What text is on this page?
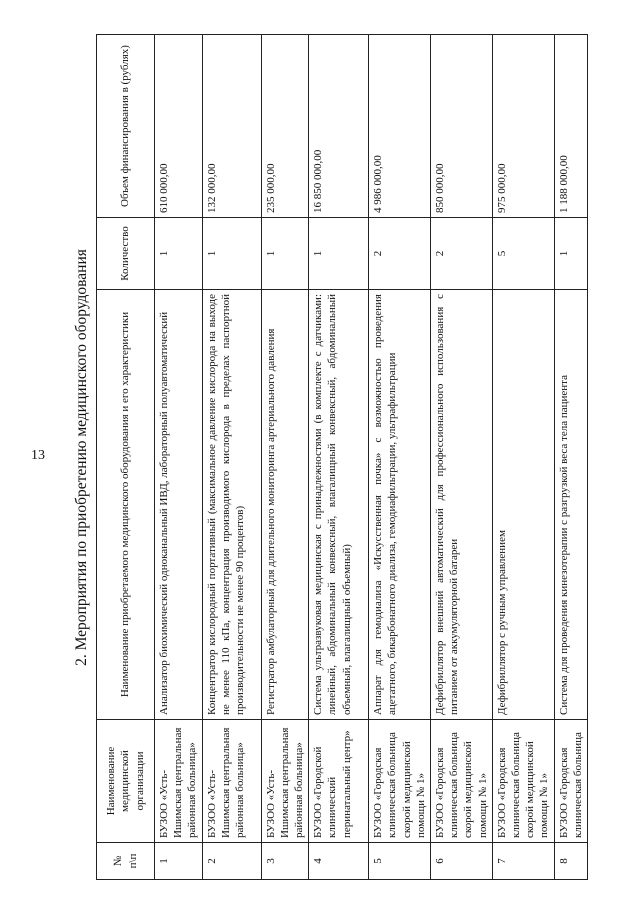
13 2. Мероприятия по приобретению медицинского оборудования
№ п\п	Наименование медицинской организации	Наименование приобретаемого медицинского оборудования и его характеристики	Количество	Объем финансирования в (рублях)
1	БУЗОО «Усть-Ишимская центральная районная больница»	Анализатор биохимический одноканальный ИВД, лабораторный полуавтоматический	1	610 000,00
2	БУЗОО «Усть-Ишимская центральная районная больница»	Концентратор кислородный портативный (максимальное давление кислорода на выходе не менее 110 кПа, концентрация производимого кислорода в пределах паспортной производительности не менее 90 процентов)	1	132 000,00
3	БУЗОО «Усть-Ишимская центральная районная больница»	Регистратор амбулаторный для длительного мониторинга артериального давления	1	235 000,00
4	БУЗОО «Городской клинический перинатальный центр»	Система ультразвуковая медицинская с принадлежностями (в комплекте с датчиками: линейный, абдоминальный конвексный, влагалищный конвексный, абдоминальный объемный, влагалищный объемный)	1	16 850 000,00
5	БУЗОО «Городская клиническая больница скорой медицинской помощи № 1»	Аппарат для гемодиализа «Искусственная почка» с возможностью проведения ацетатного, бикарбонатного диализа, гемодиафильтрации, ультрафильтрации	2	4 986 000,00
6	БУЗОО «Городская клиническая больница скорой медицинской помощи № 1»	Дефибриллятор внешний автоматический для профессионального использования с питанием от аккумуляторной батареи	2	850 000,00
7	БУЗОО «Городская клиническая больница скорой медицинской помощи № 1»	Дефибриллятор с ручным управлением	5	975 000,00
8	БУЗОО «Городская клиническая больница	Система для проведения кинезотерапии с разгрузкой веса тела пациента	1	1 188 000,00
